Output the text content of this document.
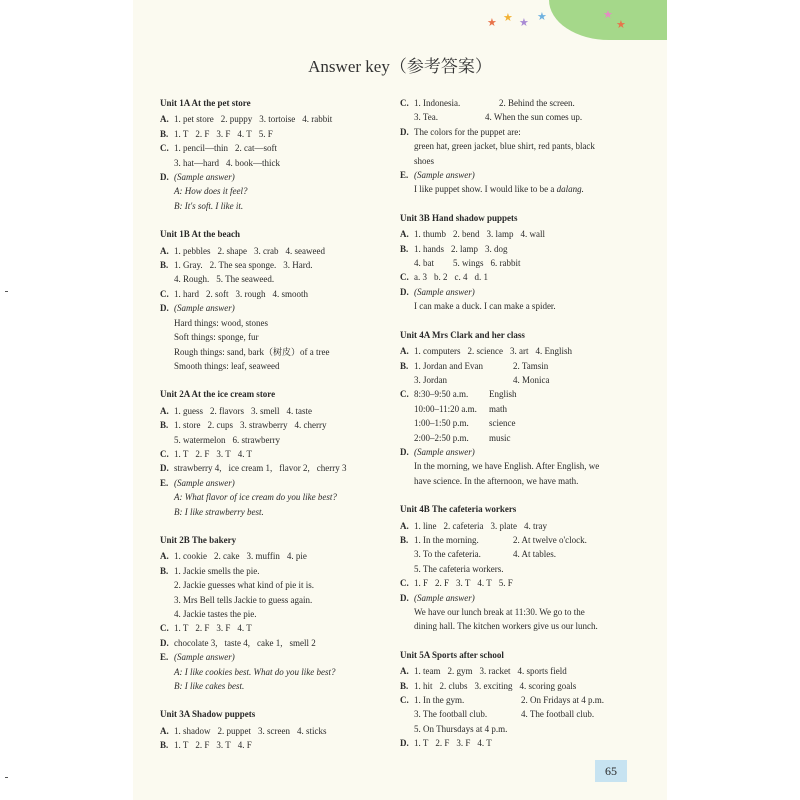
★ ★ ★ ★	★
★
Answer key（参考答案）
Unit 1A At the pet store
A. 1. pet store 2. puppy 3. tortoise 4. rabbit
B. 1. T 2. F 3. F 4. T 5. F
C. 1. pencil—thin 2. cat—soft
3. hat—hard 4. book—thick
D. (Sample answer)
A: How does it feel?
B: It's soft. I like it.
Unit 1B At the beach
A. 1. pebbles 2. shape 3. crab 4. seaweed
B. 1. Gray. 2. The sea sponge. 3. Hard.
4. Rough. 5. The seaweed.
C. 1. hard 2. soft 3. rough 4. smooth
D. (Sample answer)
Hard things: wood, stones
Soft things: sponge, fur
Rough things: sand, bark（树皮）of a tree
Smooth things: leaf, seaweed
Unit 2A At the ice cream store
A. 1. guess 2. flavors 3. smell 4. taste
B. 1. store 2. cups 3. strawberry 4. cherry
5. watermelon 6. strawberry
C. 1. T 2. F 3. T 4. T
D. strawberry 4, ice cream 1, flavor 2, cherry 3
E. (Sample answer)
A: What flavor of ice cream do you like best?
B: I like strawberry best.
Unit 2B The bakery
A. 1. cookie 2. cake 3. muffin 4. pie
B. 1. Jackie smells the pie.
2. Jackie guesses what kind of pie it is.
3. Mrs Bell tells Jackie to guess again.
4. Jackie tastes the pie.
C. 1. T 2. F 3. F 4. T
D. chocolate 3, taste 4, cake 1, smell 2
E. (Sample answer)
A: I like cookies best. What do you like best?
B: I like cakes best.
Unit 3A Shadow puppets
A. 1. shadow 2. puppet 3. screen 4. sticks
B. 1. T 2. F 3. T 4. F
C. 1. Indonesia.	2. Behind the screen.
3. Tea.	4. When the sun comes up.
D. The colors for the puppet are:
green hat, green jacket, blue shirt, red pants, black
shoes
E. (Sample answer)
I like puppet show. I would like to be a dalang.
Unit 3B Hand shadow puppets
A. 1. thumb 2. bend 3. lamp 4. wall
B. 1. hands 2. lamp 3. dog
4. bat 5. wings 6. rabbit
C. a. 3 b. 2 c. 4 d. 1
D. (Sample answer)
I can make a duck. I can make a spider.
Unit 4A Mrs Clark and her class
A. 1. computers 2. science 3. art 4. English
B. 1. Jordan and Evan	2. Tamsin
3. Jordan	4. Monica
C. 8:30–9:50 a.m. English
10:00–11:20 a.m. math
1:00–1:50 p.m. science
2:00–2:50 p.m. music
D. (Sample answer)
In the morning, we have English. After English, we
have science. In the afternoon, we have math.
Unit 4B The cafeteria workers
A. 1. line 2. cafeteria 3. plate 4. tray
B. 1. In the morning.	2. At twelve o'clock.
3. To the cafeteria.	4. At tables.
5. The cafeteria workers.
C. 1. F 2. F 3. T 4. T 5. F
D. (Sample answer)
We have our lunch break at 11:30. We go to the
dining hall. The kitchen workers give us our lunch.
Unit 5A Sports after school
A. 1. team 2. gym 3. racket 4. sports field
B. 1. hit 2. clubs 3. exciting 4. scoring goals
C. 1. In the gym.	2. On Fridays at 4 p.m.
3. The football club.	4. The football club.
5. On Thursdays at 4 p.m.
D. 1. T 2. F 3. F 4. T
65
